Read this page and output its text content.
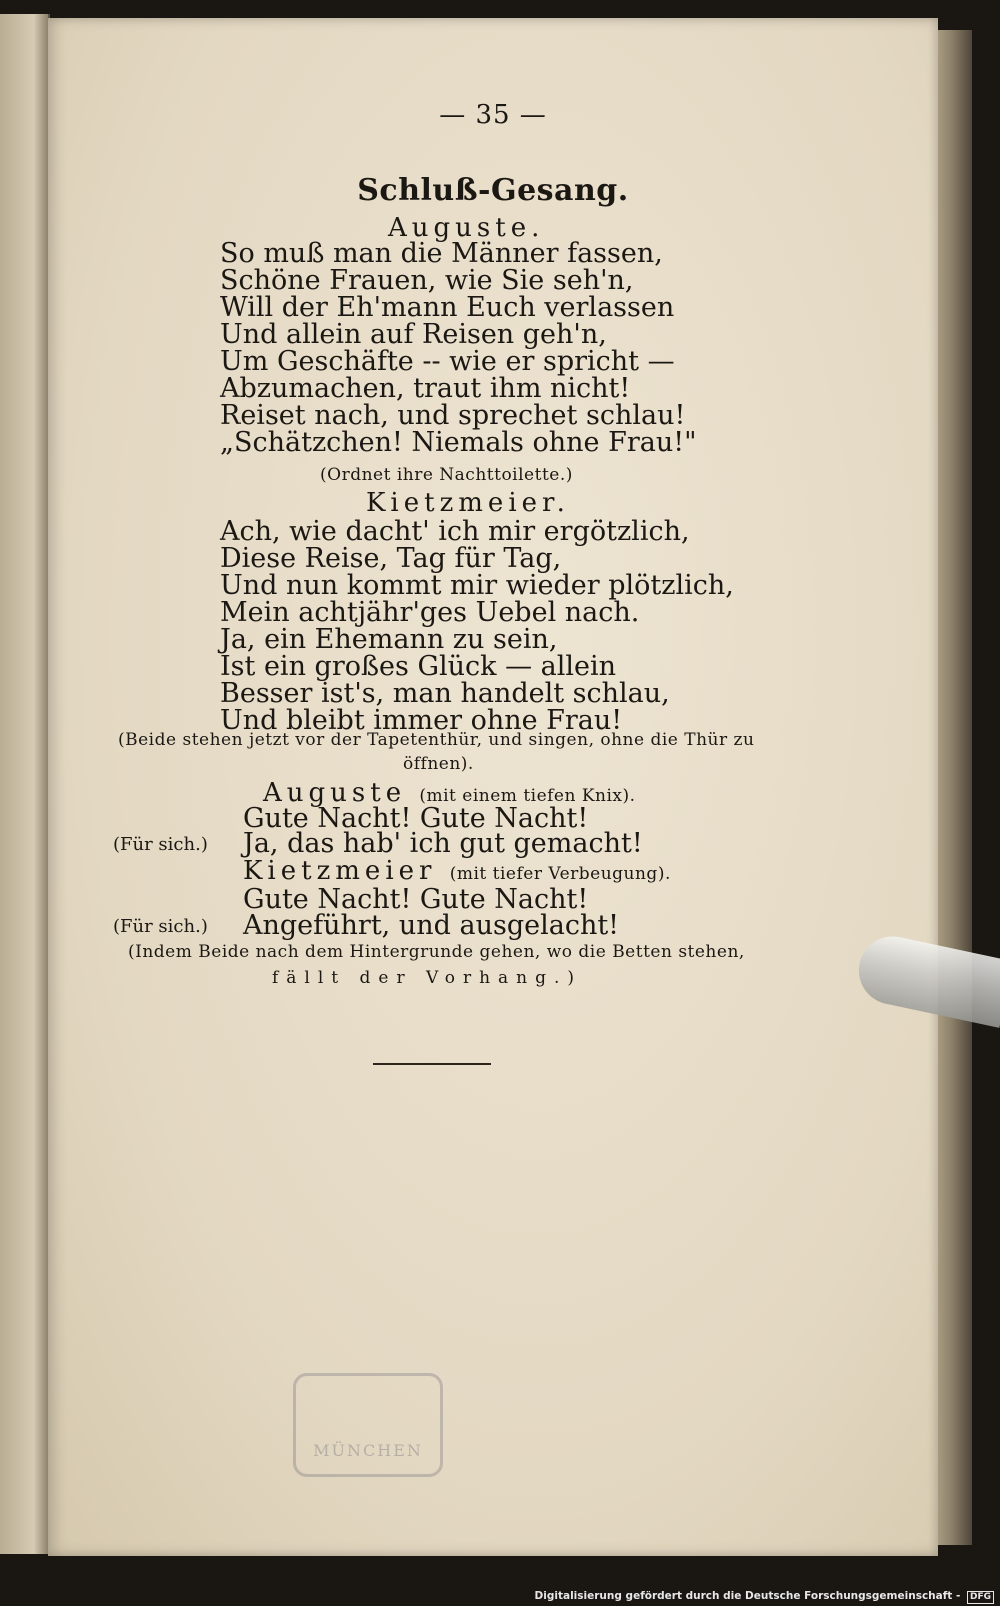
— 35 —
Schluß-Gesang.
Auguste.
So muß man die Männer fassen,
Schöne Frauen, wie Sie seh'n,
Will der Eh'mann Euch verlassen
Und allein auf Reisen geh'n,
Um Geschäfte -- wie er spricht —
Abzumachen, traut ihm nicht!
Reiset nach, und sprechet schlau!
„Schätzchen! Niemals ohne Frau!"
(Ordnet ihre Nachttoilette.)
Kietzmeier.
Ach, wie dacht' ich mir ergötzlich,
Diese Reise, Tag für Tag,
Und nun kommt mir wieder plötzlich,
Mein achtjähr'ges Uebel nach.
Ja, ein Ehemann zu sein,
Ist ein großes Glück — allein
Besser ist's, man handelt schlau,
Und bleibt immer ohne Frau!
(Beide stehen jetzt vor der Tapetenthür, und singen, ohne die Thür zu
öffnen).
Auguste (mit einem tiefen Knix).
Gute Nacht! Gute Nacht!
(Für sich.) Ja, das hab' ich gut gemacht!
Kietzmeier (mit tiefer Verbeugung).
Gute Nacht! Gute Nacht!
(Für sich.) Angeführt, und ausgelacht!
(Indem Beide nach dem Hintergrunde gehen, wo die Betten stehen,
fällt der Vorhang.)
MÜNCHEN
Digitalisierung gefördert durch die Deutsche Forschungsgemeinschaft - DFG
